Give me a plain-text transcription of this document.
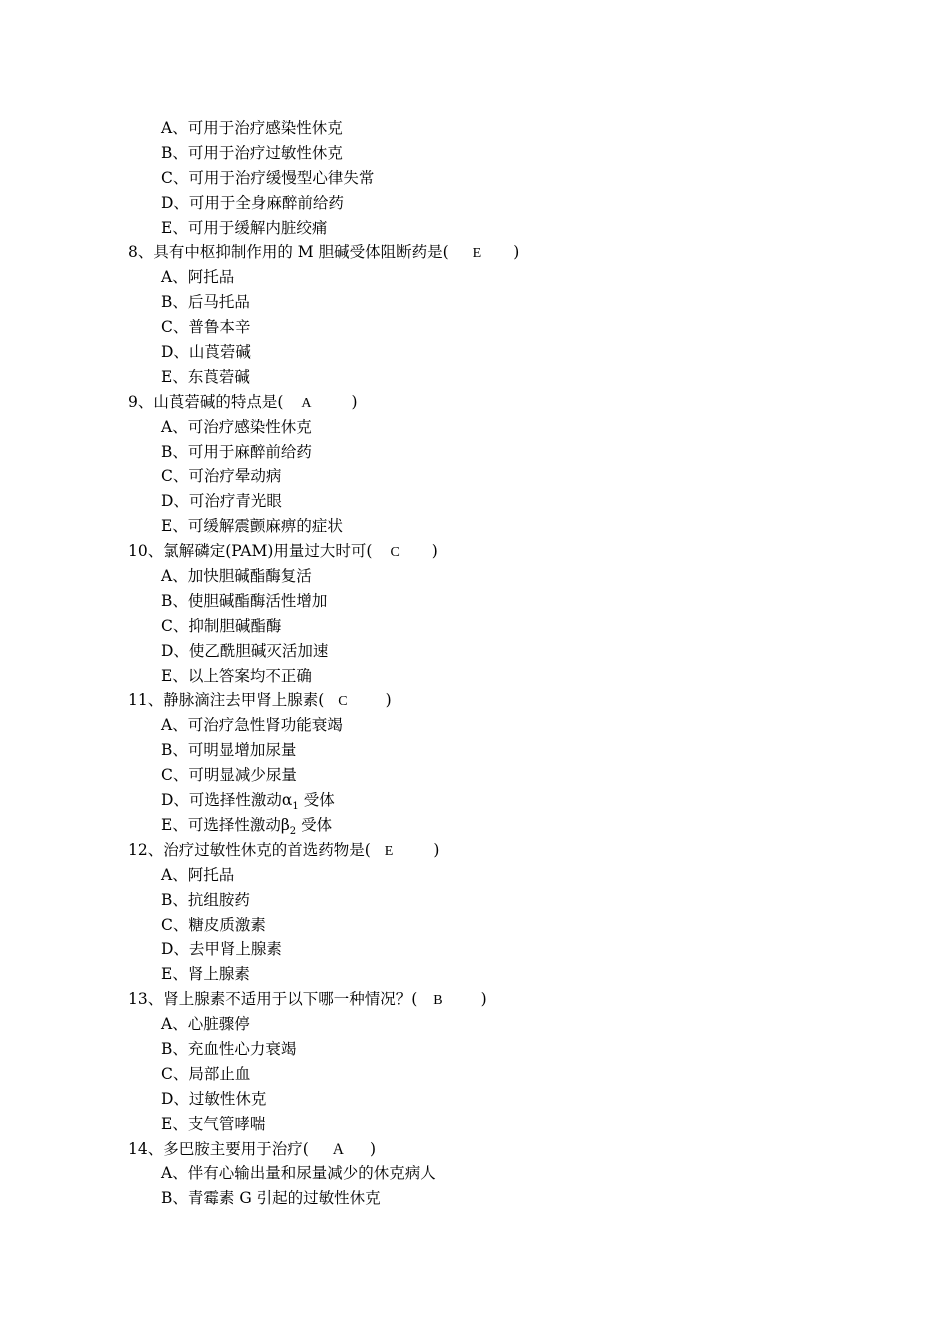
A、可用于治疗感染性休克
B、可用于治疗过敏性休克
C、可用于治疗缓慢型心律失常
D、可用于全身麻醉前给药
E、可用于缓解内脏绞痛
8、具有中枢抑制作用的 M 胆碱受体阻断药是( E )
A、阿托品
B、后马托品
C、普鲁本辛
D、山莨菪碱
E、东莨菪碱
9、山莨菪碱的特点是( A	)
A、可治疗感染性休克
B、可用于麻醉前给药
C、可治疗晕动病
D、可治疗青光眼
E、可缓解震颤麻痹的症状
10、氯解磷定(PAM)用量过大时可( C )
A、加快胆碱酯酶复活
B、使胆碱酯酶活性增加
C、抑制胆碱酯酶
D、使乙酰胆碱灭活加速
E、以上答案均不正确
11、静脉滴注去甲肾上腺素( C )
A、可治疗急性肾功能衰竭
B、可明显增加尿量
C、可明显减少尿量
D、可选择性激动$\alpha_1$ 受体
E、可选择性激动$\beta_2$ 受体
12、治疗过敏性休克的首选药物是( E	)
A、阿托品
B、抗组胺药
C、糖皮质激素
D、去甲肾上腺素
E、肾上腺素
13、肾上腺素不适用于以下哪一种情况？( B )
A、心脏骤停
B、充血性心力衰竭
C、局部止血
D、过敏性休克
E、支气管哮喘
14、多巴胺主要用于治疗( A )
A、伴有心输出量和尿量减少的休克病人
B、青霉素 G 引起的过敏性休克
